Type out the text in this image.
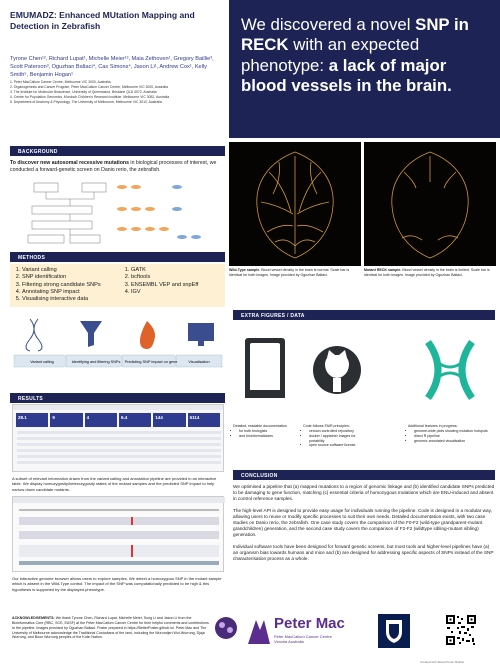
EMUMADZ: Enhanced MUtation Mapping and Detection in Zebrafish
Tyrone Chen¹², Richard Lupat¹, Michelle Meier¹², Maia Zethoven¹, Gregory Baillie³, Scott Paterson³, Oguzhan Baltaci⁴, Cas Simons⁴, Jason Li¹, Andrew Cox¹, Kelly Smith⁵, Benjamin Hogan¹
1. Peter MacCallum Cancer Centre, Melbourne VIC 3000, Australia
2. Organogenesis and Cancer Program, Peter MacCallum Cancer Centre, Melbourne VIC 3000, Australia
3. The Institute for Molecular Bioscience, University of Queensland, Brisbane QLD 4072, Australia
4. Centre for Population Genomics, Murdoch Children's Research Institute, Melbourne VIC 3052, Australia
5. Department of Anatomy & Physiology, The University of Melbourne, Melbourne VIC 3010, Australia
We discovered a novel SNP in RECK with an expected phenotype: a lack of major blood vessels in the brain.
BACKGROUND
To discover new autosomal recessive mutations in biological processes of interest, we conducted a forward-genetic screen on Danio rerio, the zebrafish.
METHODS
1. Variant calling
2. SNP identification
3. Filtering strong candidate SNPs
4. Annotating SNP impact
5. Visualising interactive data
1. GATK
2. bcftools
3. ENSEMBL VEP and snpEff
4. IGV
Variant calling	Identifying and filtering SNPs Predicting SNP impact on gene	Visualisation
RESULTS
28.1	9	4	6.4	144	5114
A subset of relevant information drawn from the variant calling and annotation pipeline are provided in an interactive table. We display homozygosity/heterozygosity states of the mutant samples and the predicted SNP impact to help narrow down candidate mutants.
Our interactive genome browser allows users to explore samples. We detect a homozygous SNP in the mutant sample which is absent in the Wild-Type control. The impact of the SNP was computationally predicted to be high & this hypothesis is supported by the displayed phenotype.
Wild-Type sample. Blood vessel density in the brain is normal. Scale bar is identical for both images. Image provided by Oguzhan Baltaci.
Mutant RECK sample. Blood vessel density in the brain is limited. Scale bar is identical for both images. Image provided by Oguzhan Baltaci.
EXTRA FIGURES / DATA
Detailed, readable documentation
• for both biologists
• and bioinformaticians
Code follows FAIR principles:
• version controlled repository
• docker / apptainer images for portability
• open source software license
Additional features in progress:
• genome-wide plots showing mutation hotspots
• direct R pipeline
• genomic annotated visualisation
CONCLUSION

We optimised a pipeline that (a) mapped mutations to a region of genomic linkage and (b) identified candidate SNPs predicted to be damaging to gene function, matching (c) essential criteria of homozygous mutations which are ENU-induced and absent in control reference samples.

The high-level API is designed to provide easy usage for individuals running the pipeline. Code is designed in a modular way, allowing users to reuse or modify specific processes to suit their own needs. Detailed documentation exists, with two case studies on Danio rerio, the zebrafish. One case study covers the comparison of the F0-F2 (wild-type grandparent-mutant grandchildren) generation, and the second case study covers the comparison of F2-F2 (wildtype sibling-mutant sibling) generation.

Individual software tools have been designed for forward genetic screens, but most tools and higher-level pipelines have (a) an organism bias towards humans and mice and (b) are designed for addressing specific aspects of SNPs instead of the SNP characterisation process as a whole.

ACKNOWLEDGEMENTS: We thank Tyrone Chen, Richard Lupat, Michelle Meier, Song Li and Jason Li from the Bioinformatics Core (RBC, SCE, EASF) at the Peter MacCallum Cancer Centre for their helpful comments and contributions to the pipeline. Images provided by Oguzhan Baltaci. Poster prepared in https://BetterPoster.github.io/. Peter Mac and The University of Melbourne acknowledge the Traditional Custodians of the land, including the Wurundjeri Woi-Wurrung, Djaja Wurrung, and Boon Wurrung peoples of the Kulin Nation.
Peter Mac
Peter MacCallum Cancer Centre
Victoria Australia
Created with BetterPoster Builder
